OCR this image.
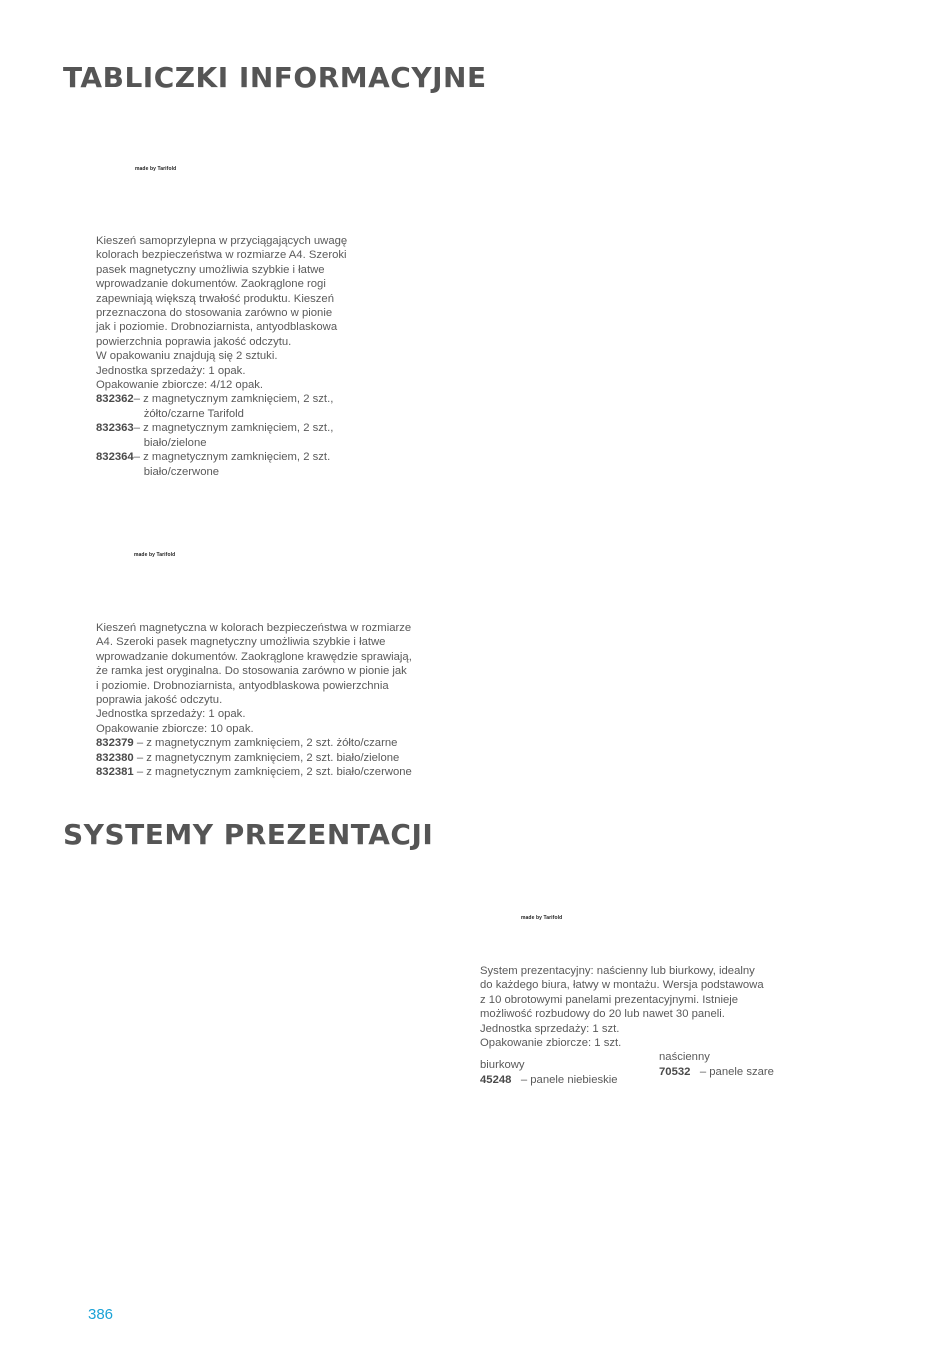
TABLICZKI INFORMACYJNE
made by Tarifold

Kieszeń samoprzylepna w przyciągających uwagę

kolorach bezpieczeństwa w rozmiarze A4. Szeroki

pasek magnetyczny umożliwia szybkie i łatwe

wprowadzanie dokumentów. Zaokrąglone rogi

zapewniają większą trwałość produktu. Kieszeń

przeznaczona do stosowania zarówno w pionie

jak i poziomie. Drobnoziarnista, antyodblaskowa

powierzchnia poprawia jakość odczytu.

W opakowaniu znajdują się 2 sztuki.

Jednostka sprzedaży: 1 opak.

Opakowanie zbiorcze: 4/12 opak.

832362 – z magnetycznym zamknięciem, 2 szt.,
żółto/czarne Tarifold
832363 – z magnetycznym zamknięciem, 2 szt.,
biało/zielone
832364 – z magnetycznym zamknięciem, 2 szt.
biało/czerwone
made by Tarifold

Kieszeń magnetyczna w kolorach bezpieczeństwa w rozmiarze

A4. Szeroki pasek magnetyczny umożliwia szybkie i łatwe

wprowadzanie dokumentów. Zaokrąglone krawędzie sprawiają,

że ramka jest oryginalna. Do stosowania zarówno w pionie jak

i poziomie. Drobnoziarnista, antyodblaskowa powierzchnia

poprawia jakość odczytu.

Jednostka sprzedaży: 1 opak.

Opakowanie zbiorcze: 10 opak.

832379 – z magnetycznym zamknięciem, 2 szt. żółto/czarne

832380 – z magnetycznym zamknięciem, 2 szt. biało/zielone

832381 – z magnetycznym zamknięciem, 2 szt. biało/czerwone

SYSTEMY PREZENTACJI
made by Tarifold

System prezentacyjny: naścienny lub biurkowy, idealny

do każdego biura, łatwy w montażu. Wersja podstawowa

z 10 obrotowymi panelami prezentacyjnymi. Istnieje

możliwość rozbudowy do 20 lub nawet 30 paneli.

Jednostka sprzedaży: 1 szt.

Opakowanie zbiorcze: 1 szt.

biurkowy

45248 – panele niebieskie

naścienny

70532 – panele szare

386
